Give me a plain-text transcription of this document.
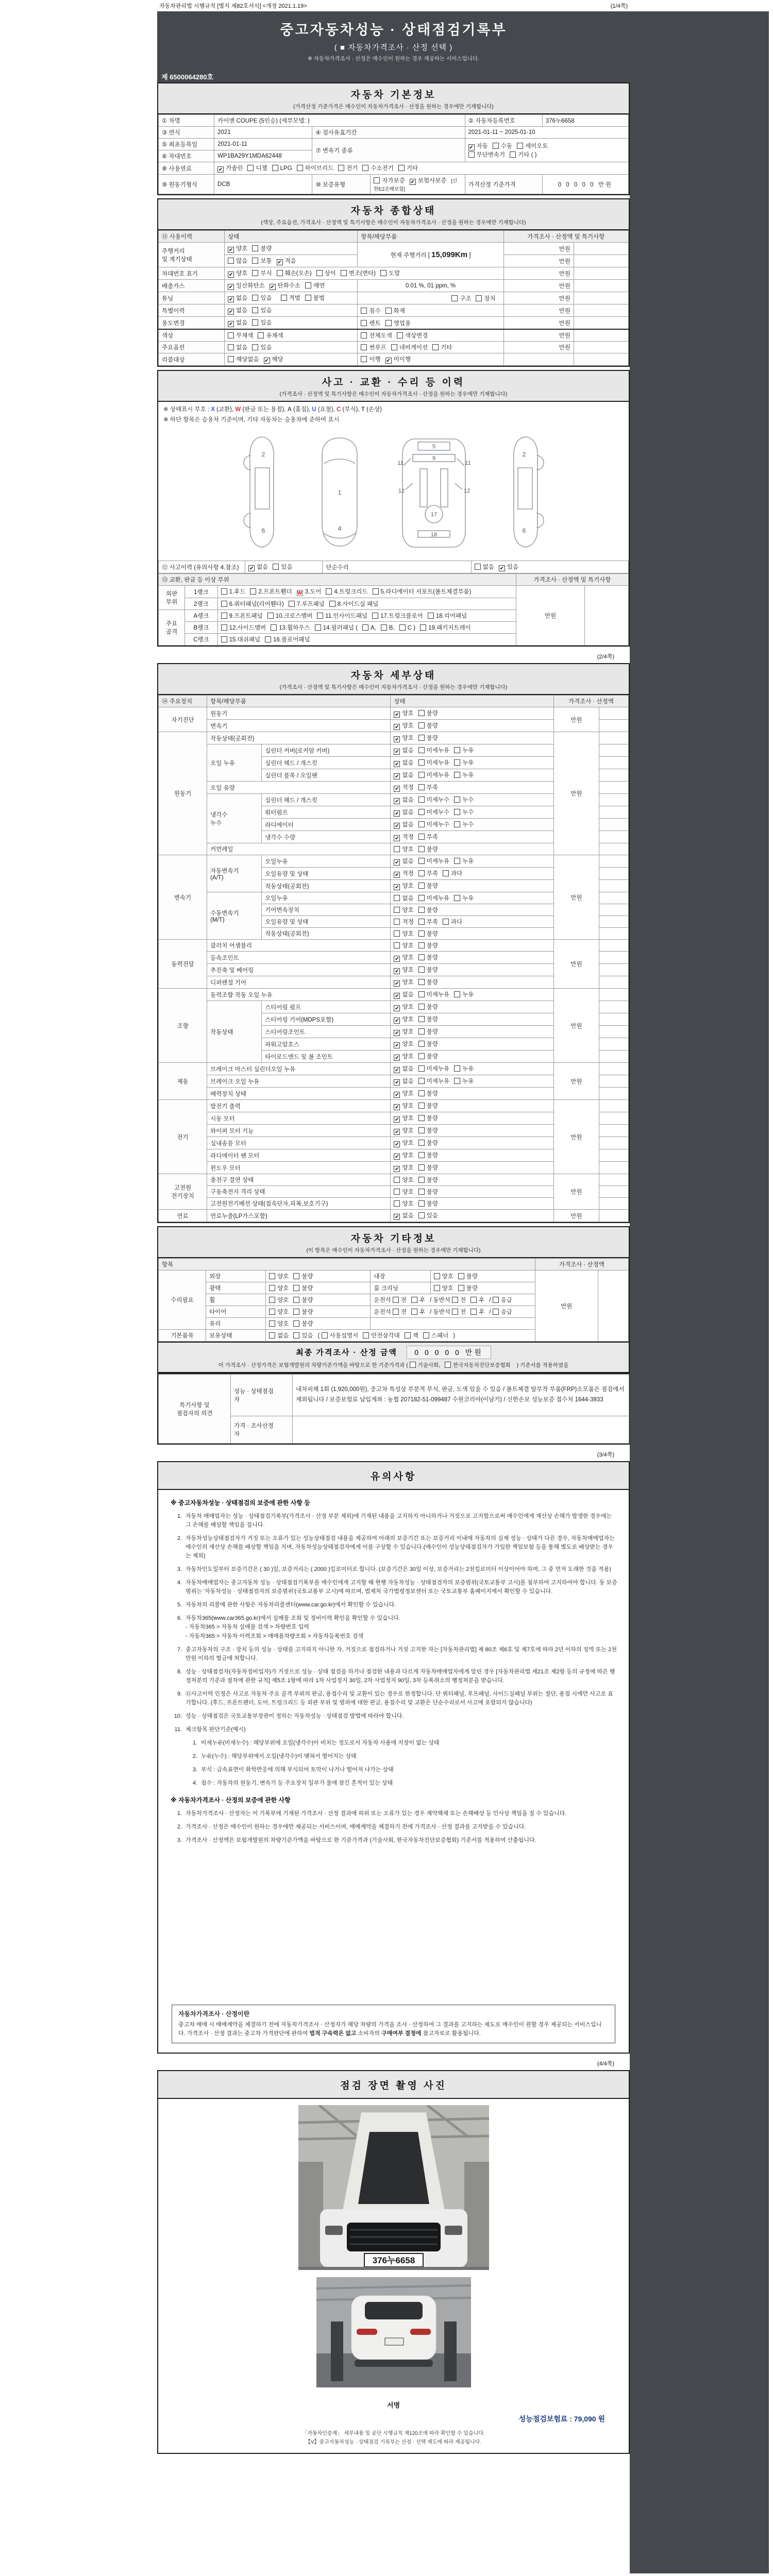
자동차관리법 시행규칙 [별지 제82호서식] <개정 2021.1.19>	(1/4쪽)
중고자동차성능 · 상태점검기록부
( ■ 자동차가격조사 · 산정 선택 )
※ 자동차가격조사 · 산정은 매수인이 원하는 경우 제공하는 서비스입니다.
제 6500064280호
자동차 기본정보
(가격산정 기준가격은 매수인이 자동차가격조사 · 산정을 원하는 경우에만 기재합니다)
① 차명	카이엔 COUPE (5인승) (세부모델: )			② 자동차등록번호	376누6658
③ 연식	2021	④ 검사유효기간		2021-01-11 ~ 2025-01-10	
⑤ 최초등록일	2021-01-11	⑦ 변속기 종류		✔ 자동 수동 세미오토
무단변속기 기타 ( )	

⑥ 차대번호	WP1BA29Y1MDA62448				
⑧ 사용연료	✔ 가솔린 디젤 LPG 하이브리드 전기 수소전기 기타				
⑨ 원동기형식	DCB	⑩ 보증유형	자가보증 ✔ 보험사보증 [신한EZ손해보험]	가격산정 기준가격	0 0 0 0 0 만원
자동차 종합상태
(색상, 주요옵션, 가격조사 · 산정액 및 특기사항은 매수인이 자동차가격조사 · 산정을 원하는 경우에만 기재합니다)
⑪ 사용이력	상태	항목/해당부품	가격조사 · 산정액 및 특기사항	
주행거리
및 계기상태	✔ 양호 불량	현재 주행거리 [ 15,099Km ]	만원	
	많음 보통 ✔ 적음		만원	
차대번호 표기	✔ 양호 부식 훼손(오손) 상이 변조(변타) 도말		만원	
배출가스	✔ 일산화탄소 ✔ 탄화수소 매연	0.01 %, 01 ppm, %	만원	
튜닝	✔ 없음 있음 적법 불법	구조 장치	만원	
특별이력	✔ 없음 있음	침수 화재	만원	
용도변경	✔ 없음 있음	렌트 영업용	만원	
색상	무채색 유채색	전체도색 색상변경	만원	
주요옵션	없음 있음	썬루프 네비게이션 기타	만원	
리콜대상	해당없음 ✔ 해당	이행 ✔ 미이행		
사고 · 교환 · 수리 등 이력
(가격조사 · 산정액 및 특기사항은 매수인이 자동차가격조사 · 산정을 원하는 경우에만 기재합니다)
※ 상태표시 부호 : X (교환), W (판금 또는 용접), A (흠집), U (요철), C (부식), T (손상)
※ 하단 항목은 승용차 기준이며, 기타 자동차는 승용차에 준하여 표시
2
6
1
4
5
9
11	11
12	12
17
18
2
6
⑫ 사고이력 (유의사항 4.참조)	✔ 없음 있음	단순수리	없음 ✔ 있음
⑬ 교환, 판금 등 이상 부위			가격조사 · 산정액 및 특기사항	
외판
부위	1랭크	1.후드 2.프론트휀더 W 3.도어 4.트렁크리드 5.라디에이터 서포트(볼트체결부품)	만원	
	2랭크	6.쿼터패널(리어휀다) 7.루프패널 8.사이드실 패널		
주요
골격	A랭크	9.프론트패널 10.크로스멤버 11.인사이드패널 17.트렁크플로어 18.리어패널		
	B랭크	12.사이드멤버 13.휠하우스 14.필러패널 ( A, B, C ) 19.패키지트레이		
	C랭크	15.대쉬패널 16.플로어패널		
(2/4쪽)
자동차 세부상태
(가격조사 · 산정액 및 특기사항은 매수인이 자동차가격조사 · 산정을 원하는 경우에만 기재합니다)
⑭ 주요장치	항목/해당부품		상태	가격조사 · 산정액	
자기진단	원동기		✔ 양호 불량	만원	
	변속기		✔ 양호 불량		
원동기	작동상태(공회전)		✔ 양호 불량	만원	
	오일 누유	실린더 커버(로커암 커버)	✔ 없음 미세누유 누유		
		실린더 헤드 / 개스킷	✔ 없음 미세누유 누유		
		실린더 블록 / 오일팬	✔ 없음 미세누유 누유		
	오일 유량		✔ 적정 부족		
	냉각수
누수	실린더 헤드 / 개스킷	✔ 없음 미세누수 누수		
		워터펌프	✔ 없음 미세누수 누수		
		라디에이터	✔ 없음 미세누수 누수		
		냉각수 수량	✔ 적정 부족		
	커먼레일		양호 불량		
변속기	자동변속기
(A/T)	오일누유	✔ 없음 미세누유 누유	만원	
		오일유량 및 상태	✔ 적정 부족 과다		
		작동상태(공회전)	✔ 양호 불량		
	수동변속기
(M/T)	오일누유	없음 미세누유 누유		
		기어변속장치	양호 불량		
		오일유량 및 상태	적정 부족 과다		
		작동상태(공회전)	양호 불량		
동력전달	클러치 어셈블리		양호 불량	만원	
	등속조인트		✔ 양호 불량		
	추진축 및 베어링		✔ 양호 불량		
	디퍼렌셜 기어		✔ 양호 불량		
조향	동력조향 작동 오일 누유		✔ 없음 미세누유 누유	만원	
	작동상태	스티어링 펌프	✔ 양호 불량		
		스티어링 기어(MDPS포함)	✔ 양호 불량		
		스티어링조인트	✔ 양호 불량		
		파워고압호스	✔ 양호 불량		
		타이로드엔드 및 볼 조인트	✔ 양호 불량		
제동	브레이크 마스터 실린더오일 누유		✔ 없음 미세누유 누유	만원	
	브레이크 오일 누유		✔ 없음 미세누유 누유		
	배력장치 상태		✔ 양호 불량		
전기	발전기 출력		✔ 양호 불량	만원	
	시동 모터		✔ 양호 불량		
	와이퍼 모터 기능		✔ 양호 불량		
	실내송풍 모터		✔ 양호 불량		
	라디에이터 팬 모터		✔ 양호 불량		
	윈도우 모터		✔ 양호 불량		
고전원
전기장치	충전구 절연 상태		양호 불량	만원	
	구동축전지 격리 상태		양호 불량		
	고전원전기배선 상태(접속단자,피복,보호기구)		양호 불량		
연료	연료누출(LP가스포함)		✔ 없음 있음	만원	
자동차 기타정보
(이 항목은 매수인이 자동차가격조사 · 산정을 원하는 경우에만 기재합니다)
항목					가격조사 · 산정액	
수리필요	외장	양호 불량	내장	양호 불량	만원	
	광택	양호 불량	룸 크리닝	양호 불량		
	휠	양호 불량	운전석 전 후 / 동반석 전 후 / 응급			
	타이어	양호 불량	운전석 전 후 / 동반석 전 후 / 응급			
	유리	양호 불량				
기본품목	보유상태	없음 있음 ( 사용설명서 안전삼각대 잭 스패너 )				
최종 가격조사 · 산정 금액 0 0 0 0 0 만원
이 가격조사 · 산정가격은 보험개발원의 차량기준가액을 바탕으로 한 기준가격과 ( 기술사회, 한국자동차진단보증협회 ) 기준서를 적용하였음
특기사항 및
점검자의 의견	성능 · 상태점검
자	내차피해 1회 (1,920,000원), 중고차 특성상 부분적 부식, 판금, 도색 있을 수 있음 / 볼트체결 탈부착 부품(FRP)소모품은 점검에서 제외됩니다 / 보증보험료 납입계좌 : 농협 207182-51-099487 수원코리아(이남기) / 신한손보 성능보증 접수처 1644-3933
	가격 · 조사산정
자	
(3/4쪽)
유의사항
※ 중고자동차성능 · 상태점검의 보증에 관한 사항 등
1. 자동차 매매업자는 성능 · 상태점검기록부(가격조사 · 산정 부분 제외)에 기재된 내용을 고지하지 아니하거나 거짓으로 고지함으로써 매수인에게 재산상 손해가 발생한 경우에는 그 손해를 배상할 책임을 집니다.
2. 자동차성능상태점검자가 거짓 또는 오류가 있는 성능상태점검 내용을 제공하여 아래의 보증기간 또는 보증거리 이내에 자동차의 실제 성능 · 상태가 다른 경우, 자동차매매업자는 매수인의 재산상 손해를 배상할 책임을 지며, 자동차성능상태점검자에게 이를 구상할 수 있습니다.(매수인이 성능상태점검자가 가입한 책임보험 등을 통해 별도로 배상받는 경우는 제외)
3. 자동차인도일부터 보증기간은 ( 30 )일, 보증거리는 ( 2000 )킬로미터로 합니다. (보증기간은 30일 이상, 보증거리는 2천킬로미터 이상이어야 하며, 그 중 먼저 도래한 것을 적용)
4. 자동차매매업자는 중고자동차 성능 · 상태점검기록부를 매수인에게 고지할 때 현행 자동차성능 · 상태점검자의 보증범위(국토교통부 고시)를 첨부하여 고지하여야 합니다. 동 보증범위는 '자동차성능 · 상태점검자의 보증범위'(국토교통부 고시)에 따르며, 법제처 국가법령정보센터 또는 국토교통부 홈페이지에서 확인할 수 있습니다.
5. 자동차의 리콜에 관한 사항은 자동차리콜센터(www.car.go.kr)에서 확인할 수 있습니다.
6. 자동차365(www.car365.go.kr)에서 실매물 조회 및 정비이력 확인을 확인할 수 있습니다.
- 자동차365 > 자동차 실매물 검색 > 차량번호 입력
- 자동차365 > 자동차 이력조회 > 매매용차량조회 > 자동차등록번호 검색
7. 중고자동차의 구조 · 장치 등의 성능 · 상태를 고지하지 아니한 자, 거짓으로 점검하거나 거짓 고지한 자는 [자동차관리법] 제 80조 제6호 및 제7호에 따라 2년 이하의 징역 또는 2천만원 이하의 벌금에 처합니다.
8. 성능 · 상태점검자(자동차정비업자)가 거짓으로 성능 · 상태 점검을 하거나 점검한 내용과 다르게 자동차매매업자에게 알린 경우 [자동차관리법 제21조 제2항 등의 규정에 따른 행정처분의 기준과 절차에 관한 규칙] 제5조 1항에 따라 1차 사업정지 30일, 2차 사업정지 90일, 3차 등록취소의 행정처분을 받습니다.
9. ⑫사고이력 인정은 사고로 자동차 주요 골격 부위의 판금, 용접수리 및 교환이 있는 경우로 한정합니다. 단 쿼터패널, 루프패널, 사이드실패널 부위는 절단, 용접 시에만 사고로 표기합니다. (후드, 프론트펜더, 도어, 트렁크리드 등 외판 부위 및 범퍼에 대한 판금, 용접수리 및 교환은 단순수리로서 사고에 포함되지 않습니다)
10. 성능 · 상태점검은 국토교통부장관이 정하는 자동차성능 · 상태점검 방법에 따라야 합니다.
11. 체크항목 판단기준(예시)
1. 미세누유(미세누수) : 해당부위에 오일(냉각수)이 비치는 정도로서 자동차 사용에 지장이 없는 상태
2. 누유(누수) : 해당부위에서 오일(냉각수)이 맺혀서 떨어지는 상태
3. 부식 : 금속표면이 화학반응에 의해 부식되어 토막이 나거나 떨어져 나가는 상태
4. 침수 : 자동차의 원동기, 변속기 등 주요장치 일부가 물에 잠긴 흔적이 있는 상태
※ 자동차가격조사 · 산정의 보증에 관한 사항
1. 자동차가격조사 · 산정자는 이 기록부에 기재된 가격조사 · 산정 결과에 허위 또는 오류가 있는 경우 계약해제 또는 손해배상 등 민사상 책임을 질 수 있습니다.
2. 가격조사 · 산정은 매수인이 원하는 경우에만 제공되는 서비스이며, 매매계약을 체결하기 전에 가격조사 · 산정 결과를 고지받을 수 있습니다.
3. 가격조사 · 산정액은 보험개발원의 차량기준가액을 바탕으로 한 기준가격과 (기술사회, 한국자동차진단보증협회) 기준서를 적용하여 산출됩니다.
자동차가격조사 · 산정이란
중고차 매매 시 매매계약을 체결하기 전에 자동차가격조사 · 산정자가 해당 차량의 가격을 조사 · 산정하여 그 결과를 고지하는 제도로 매수인이 원할 경우 제공되는 서비스입니다. 가격조사 · 산정 결과는 중고차 가격판단에 관하여 법적 구속력은 없고 소비자의 구매여부 결정에 참고자료로 활용됩니다.
(4/4쪽)
점검 장면 촬영 사진
376누6658
서명
성능점검보험료 : 79,090 원
「자동차인증제」 세부내용 및 공단 시행규칙 제120조에 따라 확인할 수 있습니다.
【V】중고자동차성능 · 상태점검 기록부는 산정 · 선택 제도에 따라 제공됩니다.
